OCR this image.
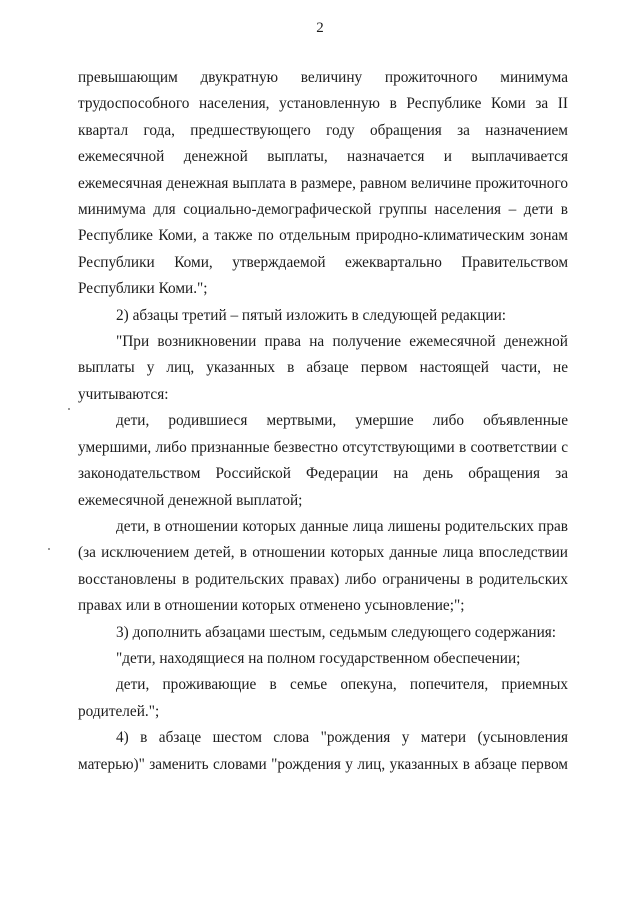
2

превышающим двукратную величину прожиточного минимума трудоспособного населения, установленную в Республике Коми за II квартал года, предшествующего году обращения за назначением ежемесячной денежной выплаты, назначается и выплачивается ежемесячная денежная выплата в размере, равном величине прожиточного минимума для социально-демографической группы населения – дети в Республике Коми, а также по отдельным природно-климатическим зонам Республики Коми, утверждаемой ежеквартально Правительством Республики Коми.";

2) абзацы третий – пятый изложить в следующей редакции:

"При возникновении права на получение ежемесячной денежной выплаты у лиц, указанных в абзаце первом настоящей части, не учитываются:

дети, родившиеся мертвыми, умершие либо объявленные умершими, либо признанные безвестно отсутствующими в соответствии с законодательством Российской Федерации на день обращения за ежемесячной денежной выплатой;

дети, в отношении которых данные лица лишены родительских прав (за исключением детей, в отношении которых данные лица впоследствии восстановлены в родительских правах) либо ограничены в родительских правах или в отношении которых отменено усыновление;";

3) дополнить абзацами шестым, седьмым следующего содержания:

"дети, находящиеся на полном государственном обеспечении;

дети, проживающие в семье опекуна, попечителя, приемных родителей.";

4) в абзаце шестом слова "рождения у матери (усыновления матерью)" заменить словами "рождения у лиц, указанных в абзаце первом
